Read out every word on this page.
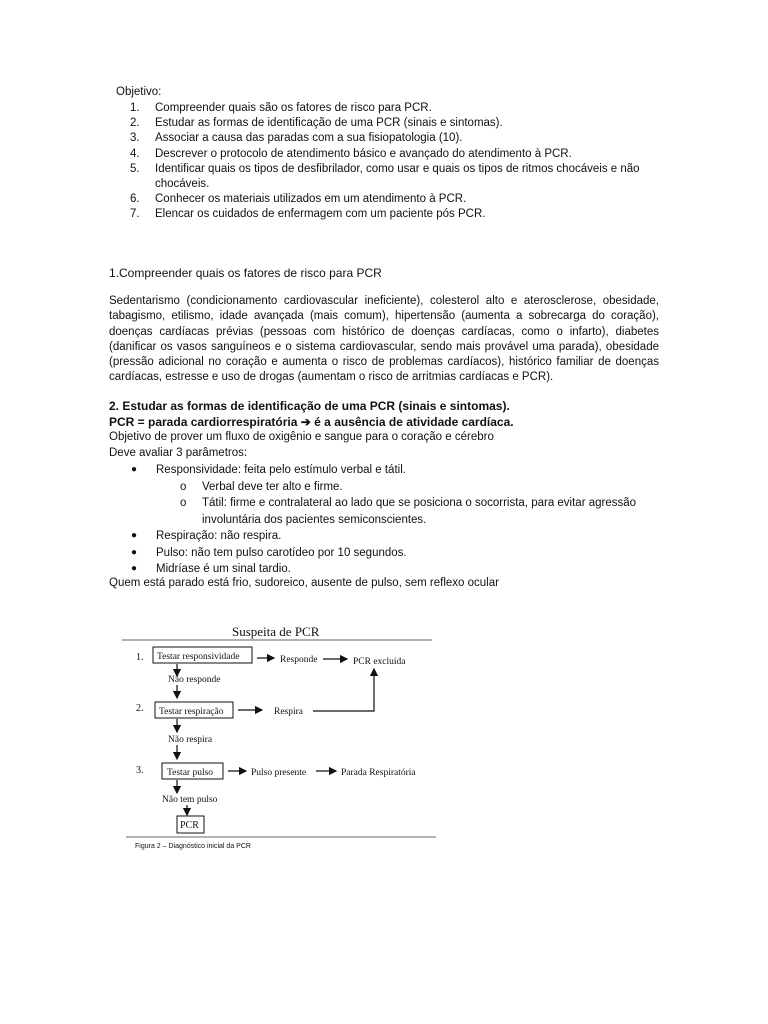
Objetivo:
1. Compreender quais são os fatores de risco para PCR.
2. Estudar as formas de identificação de uma PCR (sinais e sintomas).
3. Associar a causa das paradas com a sua fisiopatologia (10).
4. Descrever o protocolo de atendimento básico e avançado do atendimento à PCR.
5. Identificar quais os tipos de desfibrilador, como usar e quais os tipos de ritmos chocáveis e não chocáveis.
6. Conhecer os materiais utilizados em um atendimento à PCR.
7. Elencar os cuidados de enfermagem com um paciente pós PCR.
1.Compreender quais os fatores de risco para PCR
Sedentarismo (condicionamento cardiovascular ineficiente), colesterol alto e aterosclerose, obesidade, tabagismo, etilismo, idade avançada (mais comum), hipertensão (aumenta a sobrecarga do coração), doenças cardíacas prévias (pessoas com histórico de doenças cardíacas, como o infarto), diabetes (danificar os vasos sanguíneos e o sistema cardiovascular, sendo mais provável uma parada), obesidade (pressão adicional no coração e aumenta o risco de problemas cardíacos), histórico familiar de doenças cardíacas, estresse e uso de drogas (aumentam o risco de arritmias cardíacas e PCR).
2. Estudar as formas de identificação de uma PCR (sinais e sintomas).
PCR = parada cardiorrespiratória ➔ é a ausência de atividade cardíaca.
Objetivo de prover um fluxo de oxigênio e sangue para o coração e cérebro
Deve avaliar 3 parâmetros:
● Responsividade: feita pelo estímulo verbal e tátil.
o Verbal deve ter alto e firme.
o Tátil: firme e contralateral ao lado que se posiciona o socorrista, para evitar agressão involuntária dos pacientes semiconscientes.
● Respiração: não respira.
● Pulso: não tem pulso carotídeo por 10 segundos.
● Midríase é um sinal tardio.
Quem está parado está frio, sudoreico, ausente de pulso, sem reflexo ocular
Suspeita de PCR
1. Testar responsividade	Responde	PCR excluída
Não responde
2. Testar respiração	Respira
Não respira
3. Testar pulso	Pulso presente	Parada Respiratória
Não tem pulso
PCR
Figura 2 – Diagnóstico inicial da PCR
